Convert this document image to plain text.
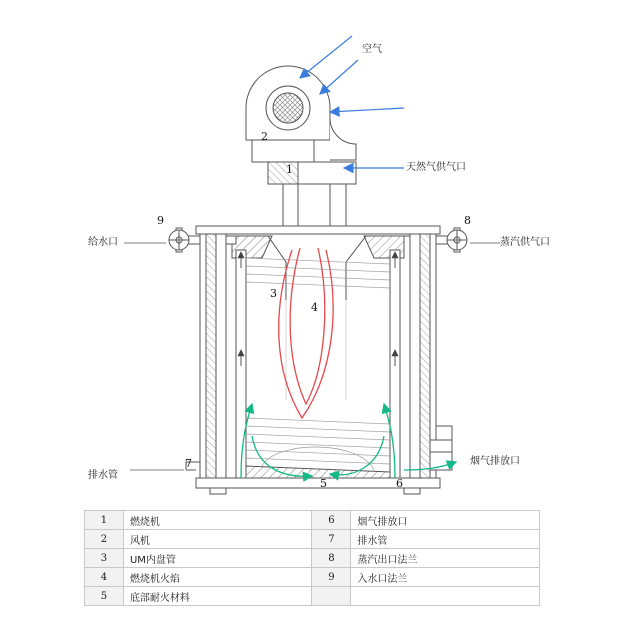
空气
天然气供气口
给水口	蒸汽供气口
排水管
烟气排放口
1
2
3
4
5	6
7
8
9
1	燃烧机	6	烟气排放口
2	风机	7	排水管
3	UM内盘管	8	蒸汽出口法兰
4	燃烧机火焰	9	入水口法兰
5	底部耐火材料		
